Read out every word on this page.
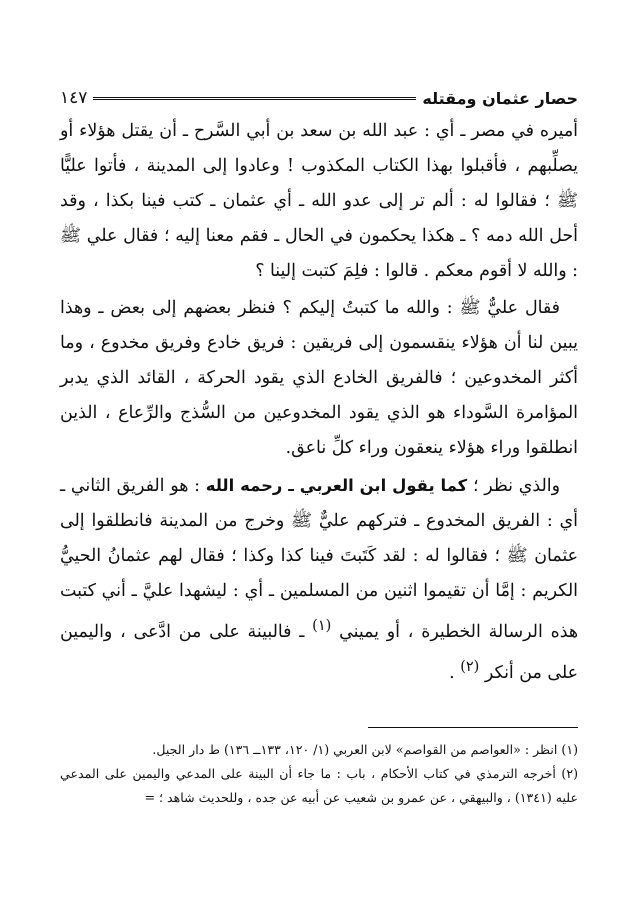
حصار عثمان ومقتله
١٤٧

أميره في مصر ـ أي : عبد الله بن سعد بن أبي السَّرح ـ أن يقتل هؤلاء أو يصلِّبهم ، فأقبلوا بهذا الكتاب المكذوب ! وعادوا إلى المدينة ، فأتوا عليًّا ﷺ ؛ فقالوا له : ألم تر إلى عدو الله ـ أي عثمان ـ كتب فينا بكذا ، وقد أحل الله دمه ؟ ـ هكذا يحكمون في الحال ـ فقم معنا إليه ؛ فقال علي ﷺ : والله لا أقوم معكم . قالوا : فلِمَ كتبت إلينا ؟

فقال عليٌّ ﷺ : والله ما كتبتُ إليكم ؟ فنظر بعضهم إلى بعض ـ وهذا يبين لنا أن هؤلاء ينقسمون إلى فريقين : فريق خادع وفريق مخدوع ، وما أكثر المخدوعين ؛ فالفريق الخادع الذي يقود الحركة ، القائد الذي يدبر المؤامرة السَّوداء هو الذي يقود المخدوعين من السُّذج والرِّعاع ، الذين انطلقوا وراء هؤلاء ينعقون وراء كلِّ ناعق.

والذي نظر ؛ كما يقول ابن العربي ـ رحمه الله : هو الفريق الثاني ـ أي : الفريق المخدوع ـ فتركهم عليٌّ ﷺ وخرج من المدينة فانطلقوا إلى عثمان ﷺ ؛ فقالوا له : لقد كَتَبتَ فينا كذا وكذا ؛ فقال لهم عثمانُ الحييُّ الكريم : إمَّا أن تقيموا اثنين من المسلمين ـ أي : ليشهدا عليَّ ـ أني كتبت هذه الرسالة الخطيرة ، أو يميني $^{(١)}$ ـ فالبينة على من ادَّعى ، واليمين على من أنكر $^{(٢)}$ .

(١) انظر : «العواصم من القواصم» لابن العربي (١/ ١٢٠، ١٣٣ــ ١٣٦) ط دار الجيل.

(٢) أخرجه الترمذي في كتاب الأحكام ، باب : ما جاء أن البينة على المدعي واليمين على المدعي عليه (١٣٤١) ، والبيهقي ، عن عمرو بن شعيب عن أبيه عن جده ، وللحديث شاهد ؛ =
